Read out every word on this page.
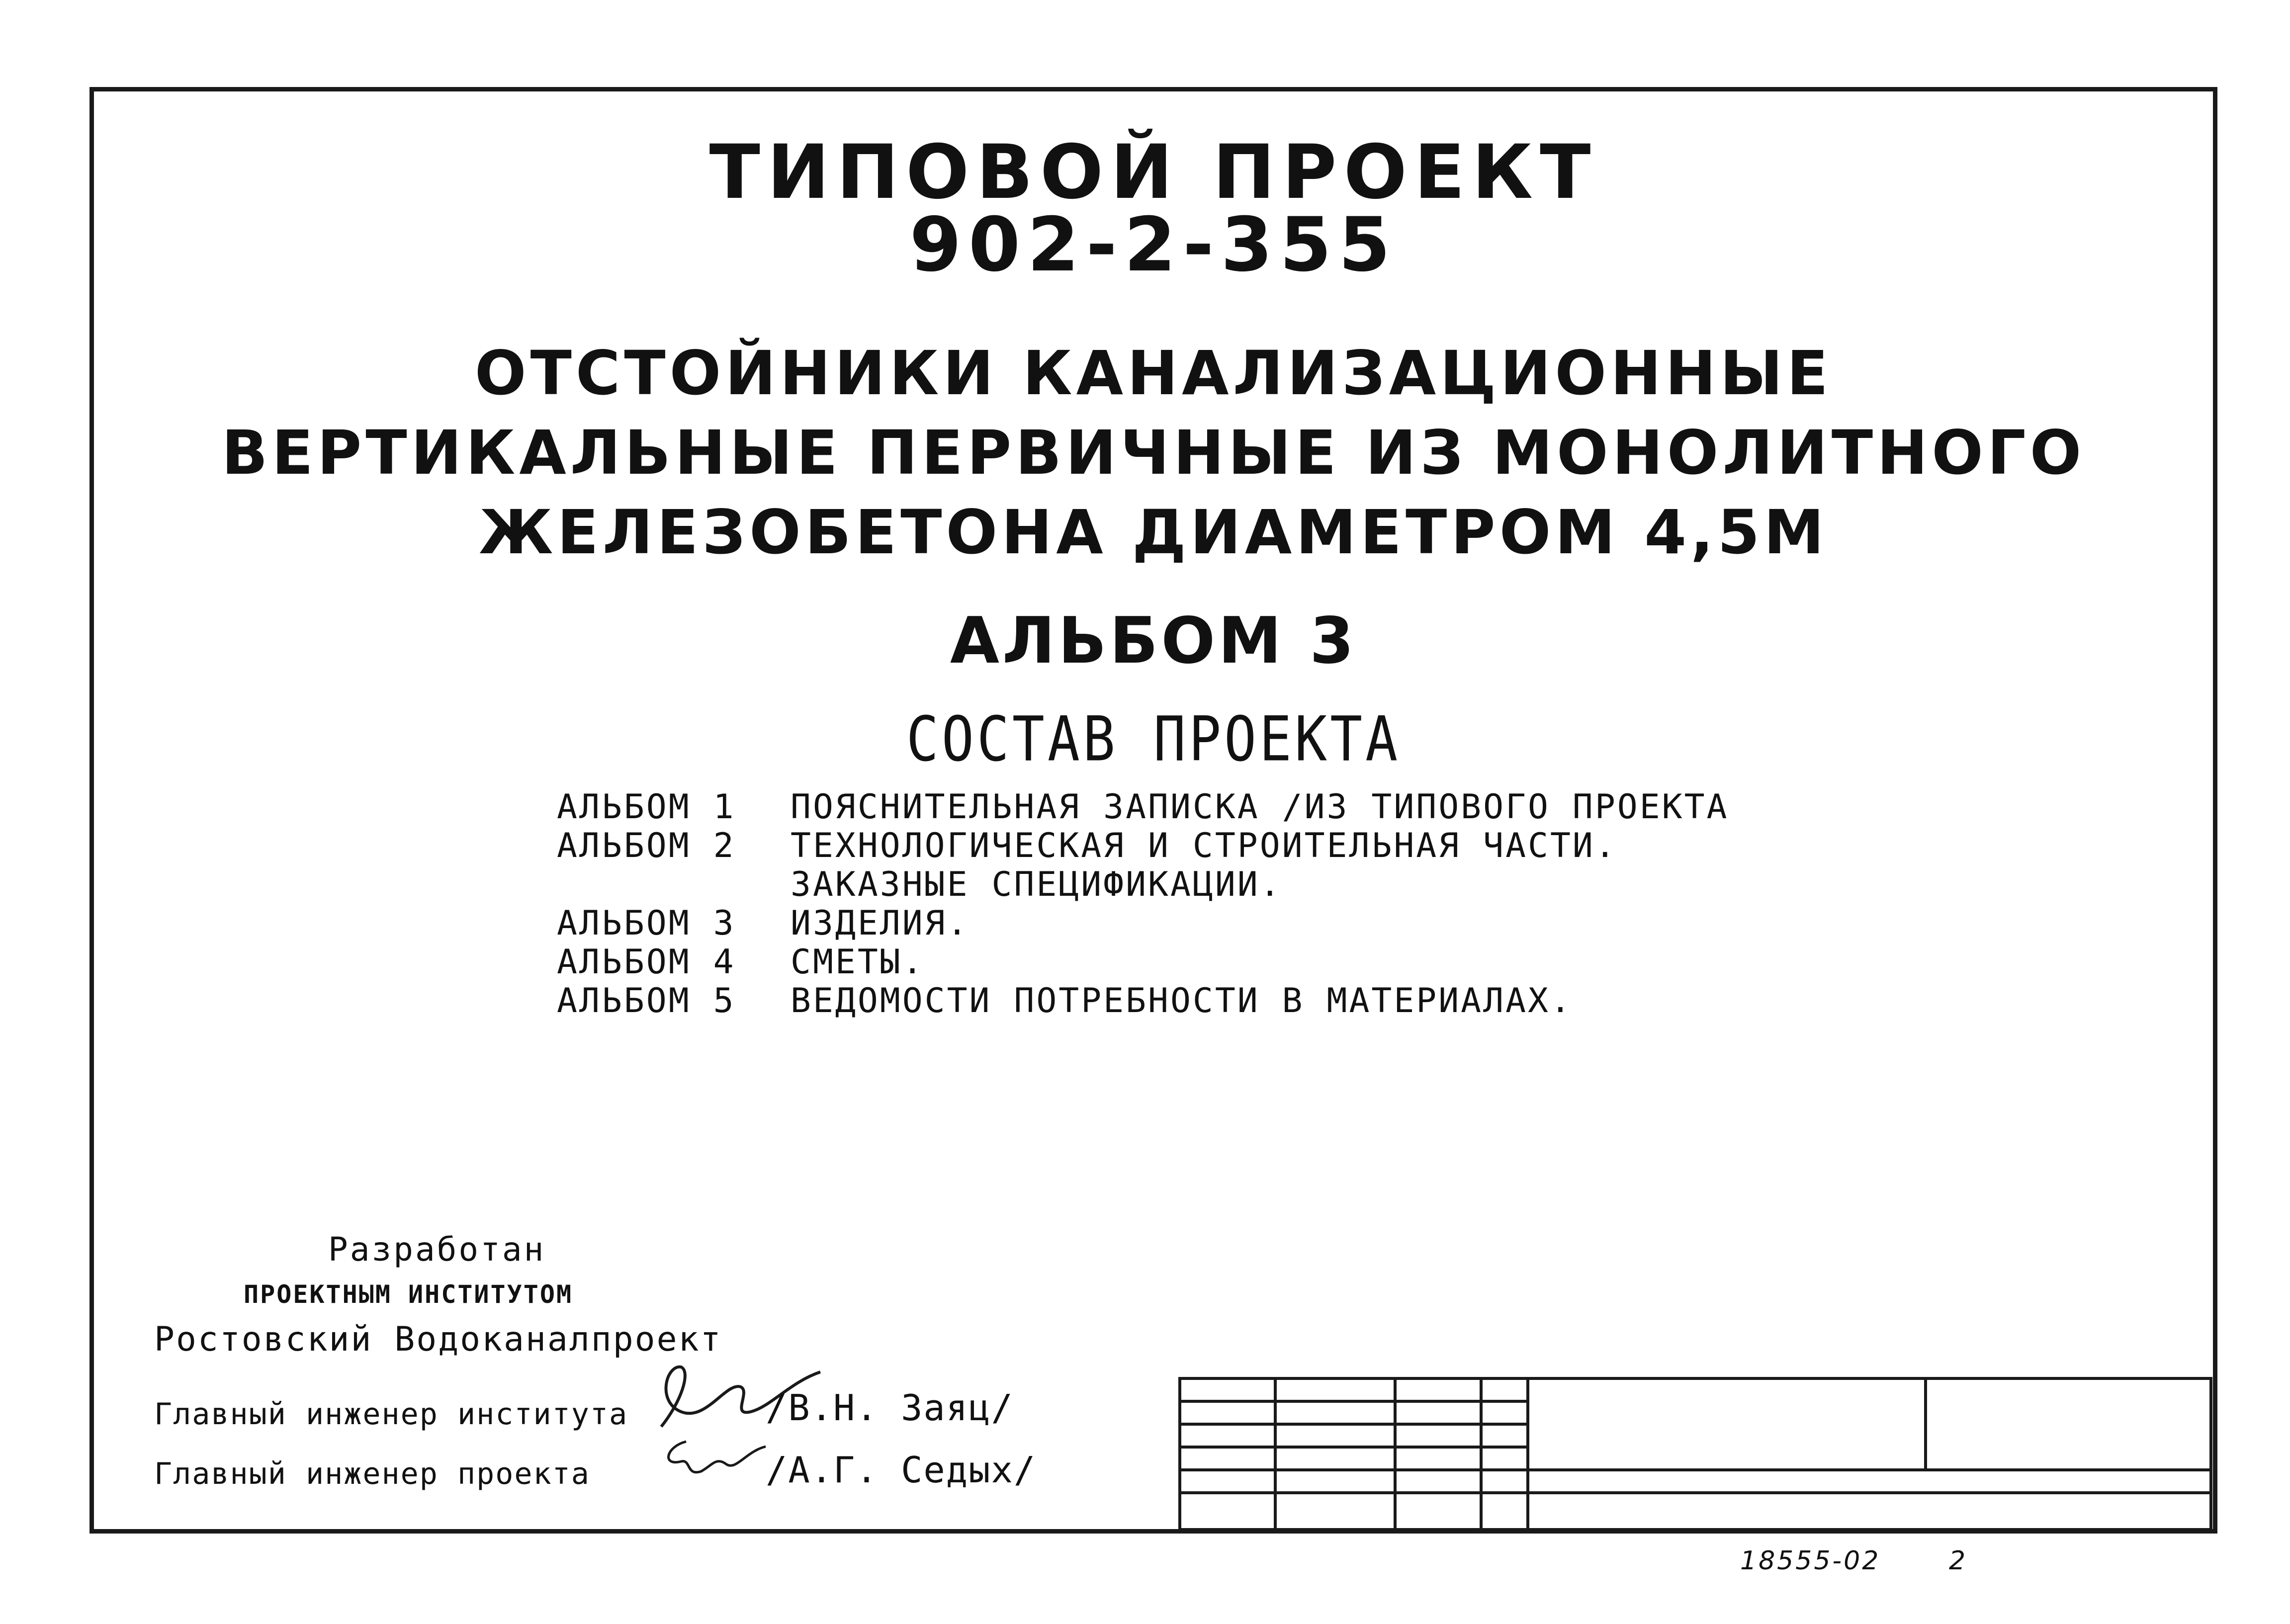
ТИПОВОЙ ПРОЕКТ
902-2-355
ОТСТОЙНИКИ КАНАЛИЗАЦИОННЫЕ
ВЕРТИКАЛЬНЫЕ ПЕРВИЧНЫЕ ИЗ МОНОЛИТНОГО
ЖЕЛЕЗОБЕТОНА ДИАМЕТРОМ 4,5М
АЛЬБОМ 3
СОСТАВ ПРОЕКТА
АЛЬБОМ 1	ПОЯСНИТЕЛЬНАЯ ЗАПИСКА /ИЗ ТИПОВОГО ПРОЕКТА
АЛЬБОМ 2	ТЕХНОЛОГИЧЕСКАЯ И СТРОИТЕЛЬНАЯ ЧАСТИ.
ЗАКАЗНЫЕ СПЕЦИФИКАЦИИ.
АЛЬБОМ 3	ИЗДЕЛИЯ.
АЛЬБОМ 4	СМЕТЫ.
АЛЬБОМ 5	ВЕДОМОСТИ ПОТРЕБНОСТИ В МАТЕРИАЛАХ.
Разработан
ПРОЕКТНЫМ ИНСТИТУТОМ
Ростовский Водоканалпроект
Главный инженер института	/В.Н. Заяц/
Главный инженер проекта	/А.Г. Седых/

18555-02	2
